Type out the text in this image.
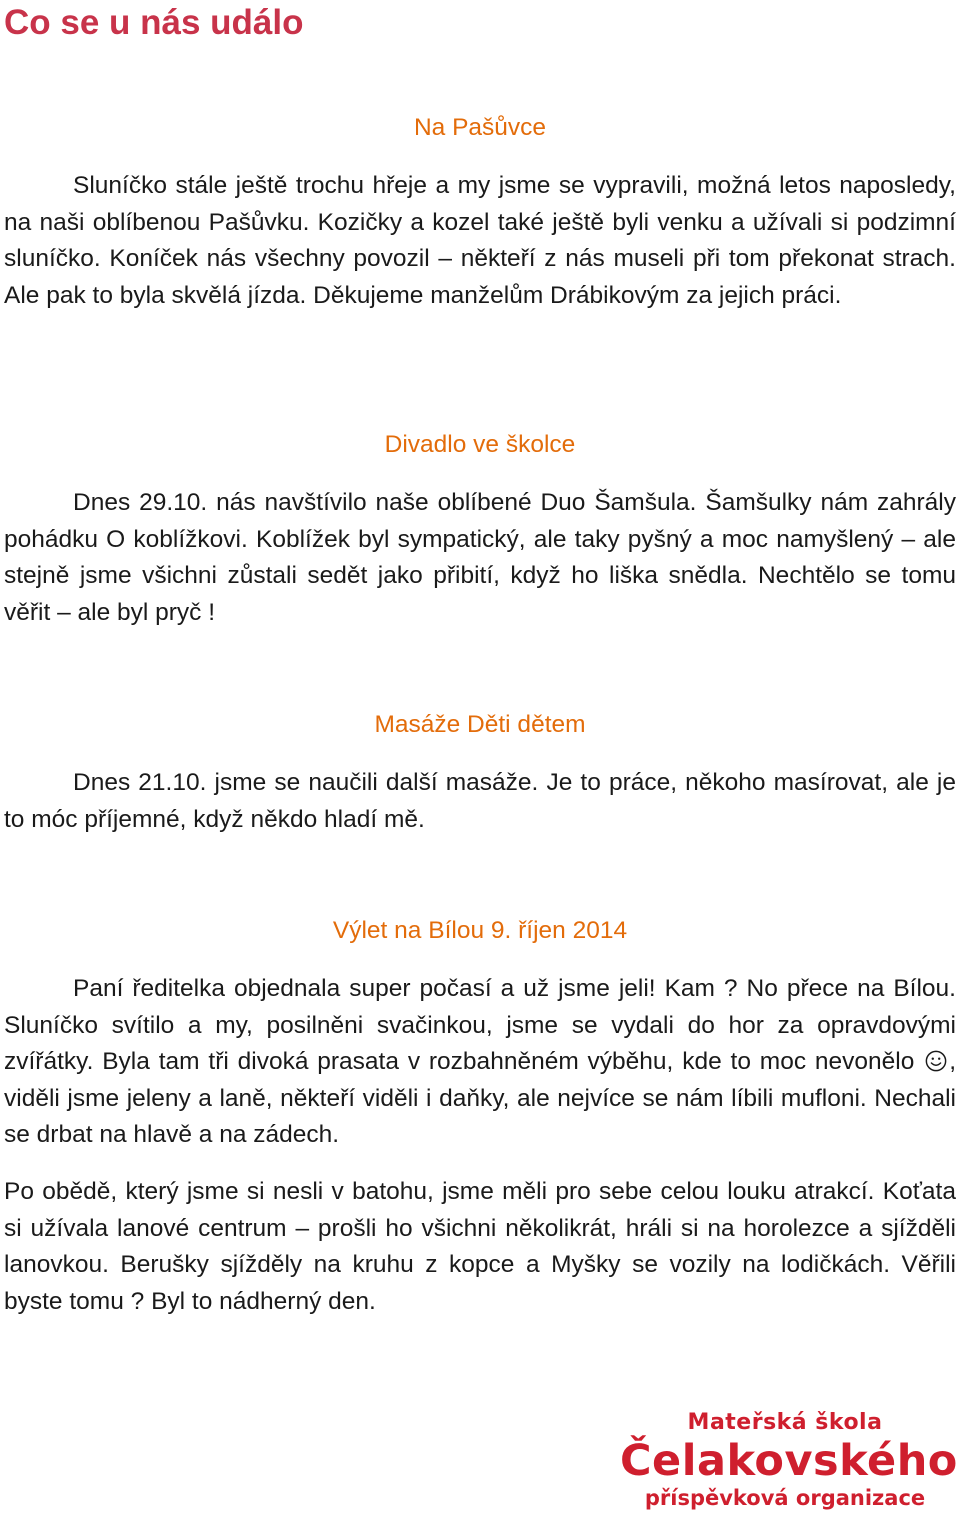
Co se u nás událo
Na Pašůvce

Sluníčko stále ještě trochu hřeje a my jsme se vypravili, možná letos naposledy, na naši oblíbenou Pašůvku. Kozičky a kozel také ještě byli venku a užívali si podzimní sluníčko. Koníček nás všechny povozil – někteří z nás museli při tom překonat strach. Ale pak to byla skvělá jízda. Děkujeme manželům Drábikovým za jejich práci.

Divadlo ve školce

Dnes 29.10. nás navštívilo naše oblíbené Duo Šamšula. Šamšulky nám zahrály pohádku O koblížkovi. Koblížek byl sympatický, ale taky pyšný a moc namyšlený – ale stejně jsme všichni zůstali sedět jako přibití, když ho liška snědla. Nechtělo se tomu věřit – ale byl pryč !

Masáže Děti dětem

Dnes 21.10. jsme se naučili další masáže. Je to práce, někoho masírovat, ale je to móc příjemné, když někdo hladí mě.

Výlet na Bílou 9. říjen 2014

Paní ředitelka objednala super počasí a už jsme jeli! Kam ? No přece na Bílou. Sluníčko svítilo a my, posilněni svačinkou, jsme se vydali do hor za opravdovými zvířátky. Byla tam tři divoká prasata v rozbahněném výběhu, kde to moc nevonělo , viděli jsme jeleny a laně, někteří viděli i daňky, ale nejvíce se nám líbili mufloni. Nechali se drbat na hlavě a na zádech.

Po obědě, který jsme si nesli v batohu, jsme měli pro sebe celou louku atrakcí. Koťata si užívala lanové centrum – prošli ho všichni několikrát, hráli si na horolezce a sjížděli lanovkou. Berušky sjížděly na kruhu z kopce a Myšky se vozily na lodičkách. Věřili byste tomu ? Byl to nádherný den.

Mateřská škola
Čelakovského
příspěvková organizace
